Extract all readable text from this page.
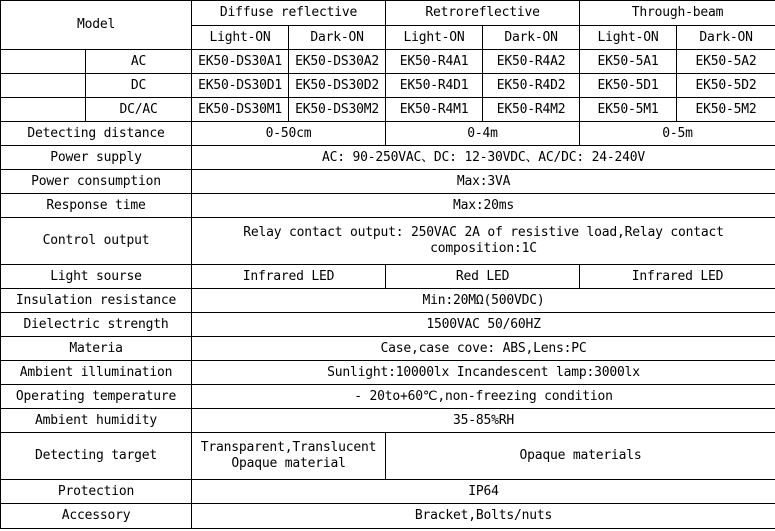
Model		Diffuse reflective		Retroreflective		Through-beam	
		Light-ON	Dark-ON	Light-ON	Dark-ON	Light-ON	Dark-ON
	AC	EK50-DS30A1	EK50-DS30A2	EK50-R4A1	EK50-R4A2	EK50-5A1	EK50-5A2
	DC	EK50-DS30D1	EK50-DS30D2	EK50-R4D1	EK50-R4D2	EK50-5D1	EK50-5D2
	DC/AC	EK50-DS30M1	EK50-DS30M2	EK50-R4M1	EK50-R4M2	EK50-5M1	EK50-5M2
Detecting distance		0-50cm		0-4m		0-5m	
Power supply		AC: 90-250VAC、DC: 12-30VDC、AC/DC: 24-240V					
Power consumption		Max:3VA					
Response time		Max:20ms					
Control output		Relay contact output: 250VAC 2A of resistive load,Relay contact composition:1C					
Light sourse		Infrared LED		Red LED		Infrared LED	
Insulation resistance		Min:20MΩ(500VDC)					
Dielectric strength		1500VAC 50/60HZ					
Materia		Case,case cove: ABS,Lens:PC					
Ambient illumination		Sunlight:10000lx Incandescent lamp:3000lx					
Operating temperature		- 20to+60℃,non-freezing condition					
Ambient humidity		35-85%RH					
Detecting target		Transparent,Translucent Opaque material		Opaque materials			
Protection		IP64					
Accessory		Bracket,Bolts/nuts					
